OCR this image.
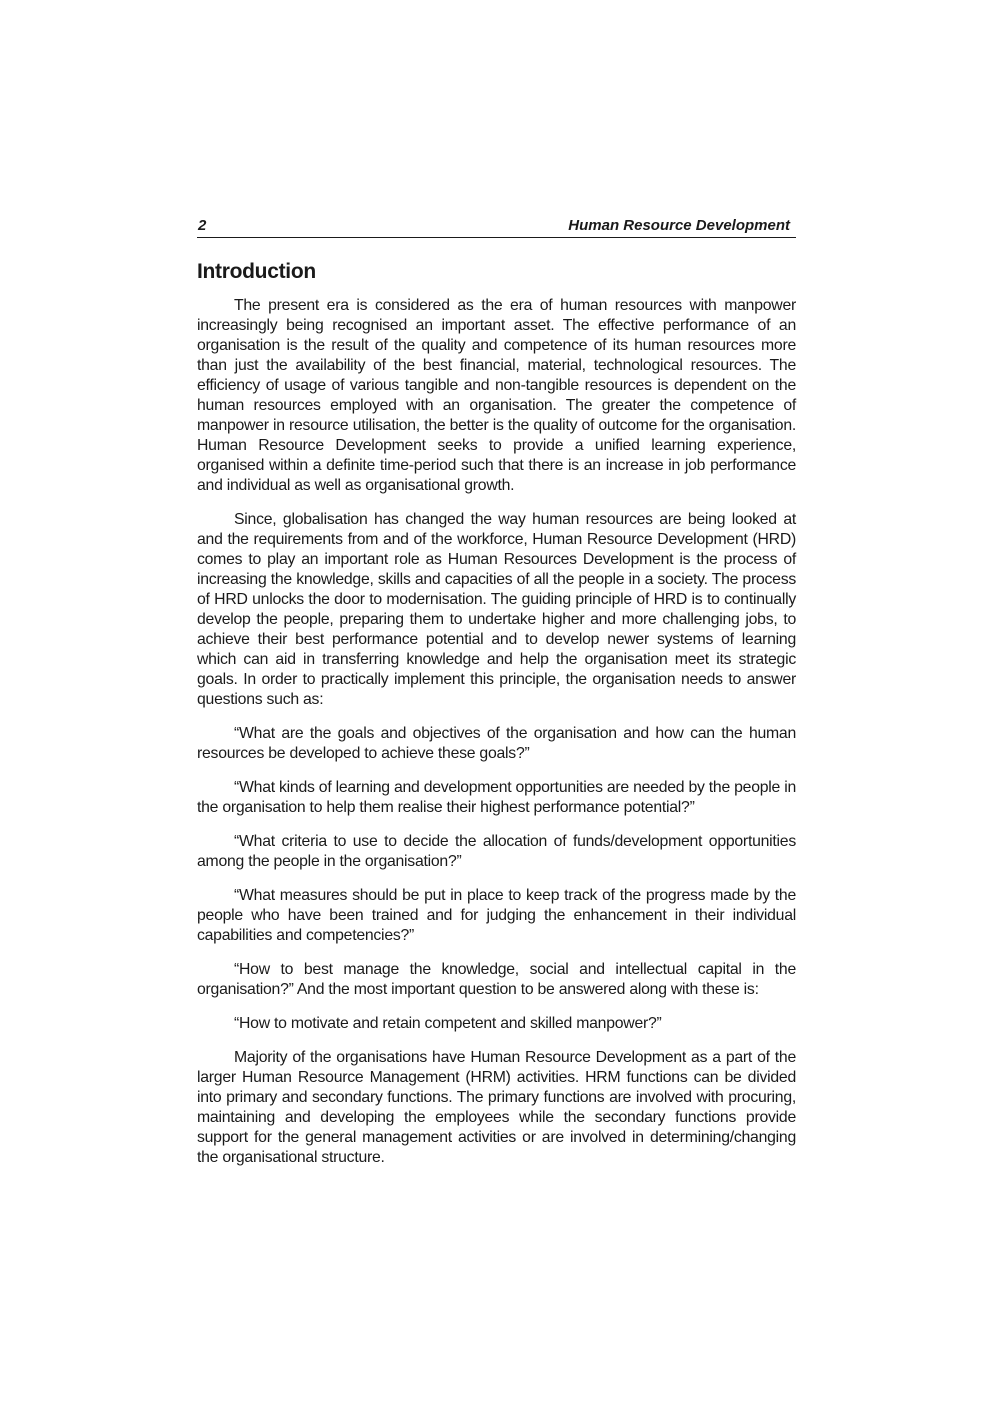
2	Human Resource Development
Introduction

The present era is considered as the era of human resources with manpower increasingly being recognised an important asset. The effective performance of an organisation is the result of the quality and competence of its human resources more than just the availability of the best financial, material, technological resources. The efficiency of usage of various tangible and non-tangible resources is dependent on the human resources employed with an organisation. The greater the competence of manpower in resource utilisation, the better is the quality of outcome for the organisation. Human Resource Development seeks to provide a unified learning experience, organised within a definite time-period such that there is an increase in job performance and individual as well as organisational growth.

Since, globalisation has changed the way human resources are being looked at and the requirements from and of the workforce, Human Resource Development (HRD) comes to play an important role as Human Resources Development is the process of increasing the knowledge, skills and capacities of all the people in a society. The process of HRD unlocks the door to modernisation. The guiding principle of HRD is to continually develop the people, preparing them to undertake higher and more challenging jobs, to achieve their best performance potential and to develop newer systems of learning which can aid in transferring knowledge and help the organisation meet its strategic goals. In order to practically implement this principle, the organisation needs to answer questions such as:

“What are the goals and objectives of the organisation and how can the human resources be developed to achieve these goals?”

“What kinds of learning and development opportunities are needed by the people in the organisation to help them realise their highest performance potential?”

“What criteria to use to decide the allocation of funds/development opportunities among the people in the organisation?”

“What measures should be put in place to keep track of the progress made by the people who have been trained and for judging the enhancement in their individual capabilities and competencies?”

“How to best manage the knowledge, social and intellectual capital in the organisation?” And the most important question to be answered along with these is:

“How to motivate and retain competent and skilled manpower?”

Majority of the organisations have Human Resource Development as a part of the larger Human Resource Management (HRM) activities. HRM functions can be divided into primary and secondary functions. The primary functions are involved with procuring, maintaining and developing the employees while the secondary functions provide support for the general management activities or are involved in determining/changing the organisational structure.
